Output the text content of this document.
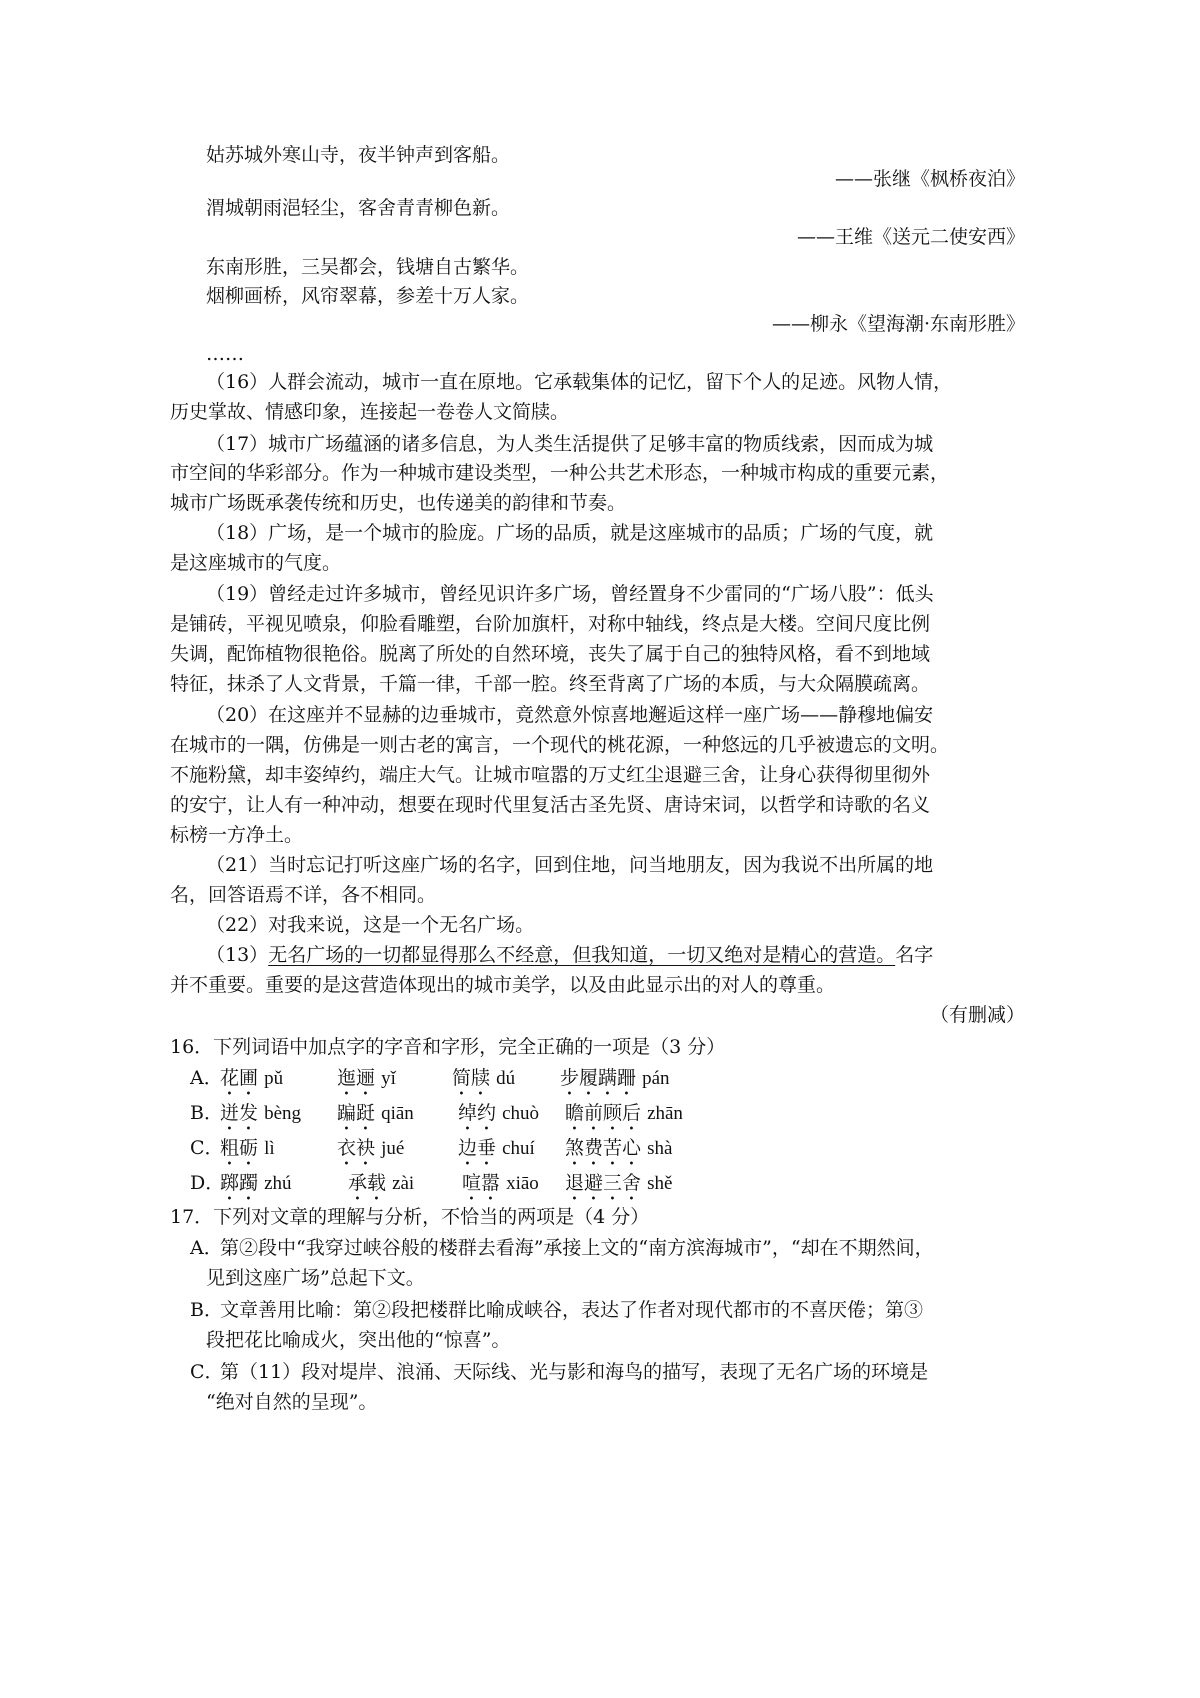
姑苏城外寒山寺，夜半钟声到客船。
——张继《枫桥夜泊》
渭城朝雨浥轻尘，客舍青青柳色新。
——王维《送元二使安西》
东南形胜，三吴都会，钱塘自古繁华。
烟柳画桥，风帘翠幕，参差十万人家。
——柳永《望海潮·东南形胜》
……
（16）人群会流动，城市一直在原地。它承载集体的记忆，留下个人的足迹。风物人情，
历史掌故、情感印象，连接起一卷卷人文简牍。
（17）城市广场蕴涵的诸多信息，为人类生活提供了足够丰富的物质线索，因而成为城
市空间的华彩部分。作为一种城市建设类型，一种公共艺术形态，一种城市构成的重要元素，
城市广场既承袭传统和历史，也传递美的韵律和节奏。
（18）广场，是一个城市的脸庞。广场的品质，就是这座城市的品质；广场的气度，就
是这座城市的气度。
（19）曾经走过许多城市，曾经见识许多广场，曾经置身不少雷同的“广场八股”：低头
是铺砖，平视见喷泉，仰脸看雕塑，台阶加旗杆，对称中轴线，终点是大楼。空间尺度比例
失调，配饰植物很艳俗。脱离了所处的自然环境，丧失了属于自己的独特风格，看不到地域
特征，抹杀了人文背景，千篇一律，千部一腔。终至背离了广场的本质，与大众隔膜疏离。
（20）在这座并不显赫的边垂城市，竟然意外惊喜地邂逅这样一座广场——静穆地偏安
在城市的一隅，仿佛是一则古老的寓言，一个现代的桃花源，一种悠远的几乎被遗忘的文明。
不施粉黛，却丰姿绰约，端庄大气。让城市喧嚣的万丈红尘退避三舍，让身心获得彻里彻外
的安宁，让人有一种冲动，想要在现时代里复活古圣先贤、唐诗宋词，以哲学和诗歌的名义
标榜一方净土。
（21）当时忘记打听这座广场的名字，回到住地，问当地朋友，因为我说不出所属的地
名，回答语焉不详，各不相同。
（22）对我来说，这是一个无名广场。
（13）无名广场的一切都显得那么不经意，但我知道，一切又绝对是精心的营造。名字
并不重要。重要的是这营造体现出的城市美学，以及由此显示出的对人的尊重。
（有删减）
16．下列词语中加点字的字音和字形，完全正确的一项是（3 分）
A．
花圃 pǔ	迤逦 yǐ	简牍 dú 步履蹒跚 pán
B．
迸发 bèng 蹁跹 qiān 绰约 chuò 瞻前顾后 zhān
C．
粗砺 lì	衣袂 jué	边垂 chuí 煞费苦心 shà
D．
踯躅 zhú	承载 zài	喧嚣 xiāo 退避三舍 shě
17．下列对文章的理解与分析，不恰当的两项是（4 分）
A．
第②段中“我穿过峡谷般的楼群去看海”承接上文的“南方滨海城市”，“却在不期然间，
见到这座广场”总起下文。
B．
文章善用比喻：第②段把楼群比喻成峡谷，表达了作者对现代都市的不喜厌倦；第③
段把花比喻成火，突出他的“惊喜”。
C．
第（11）段对堤岸、浪涌、天际线、光与影和海鸟的描写，表现了无名广场的环境是
“绝对自然的呈现”。
